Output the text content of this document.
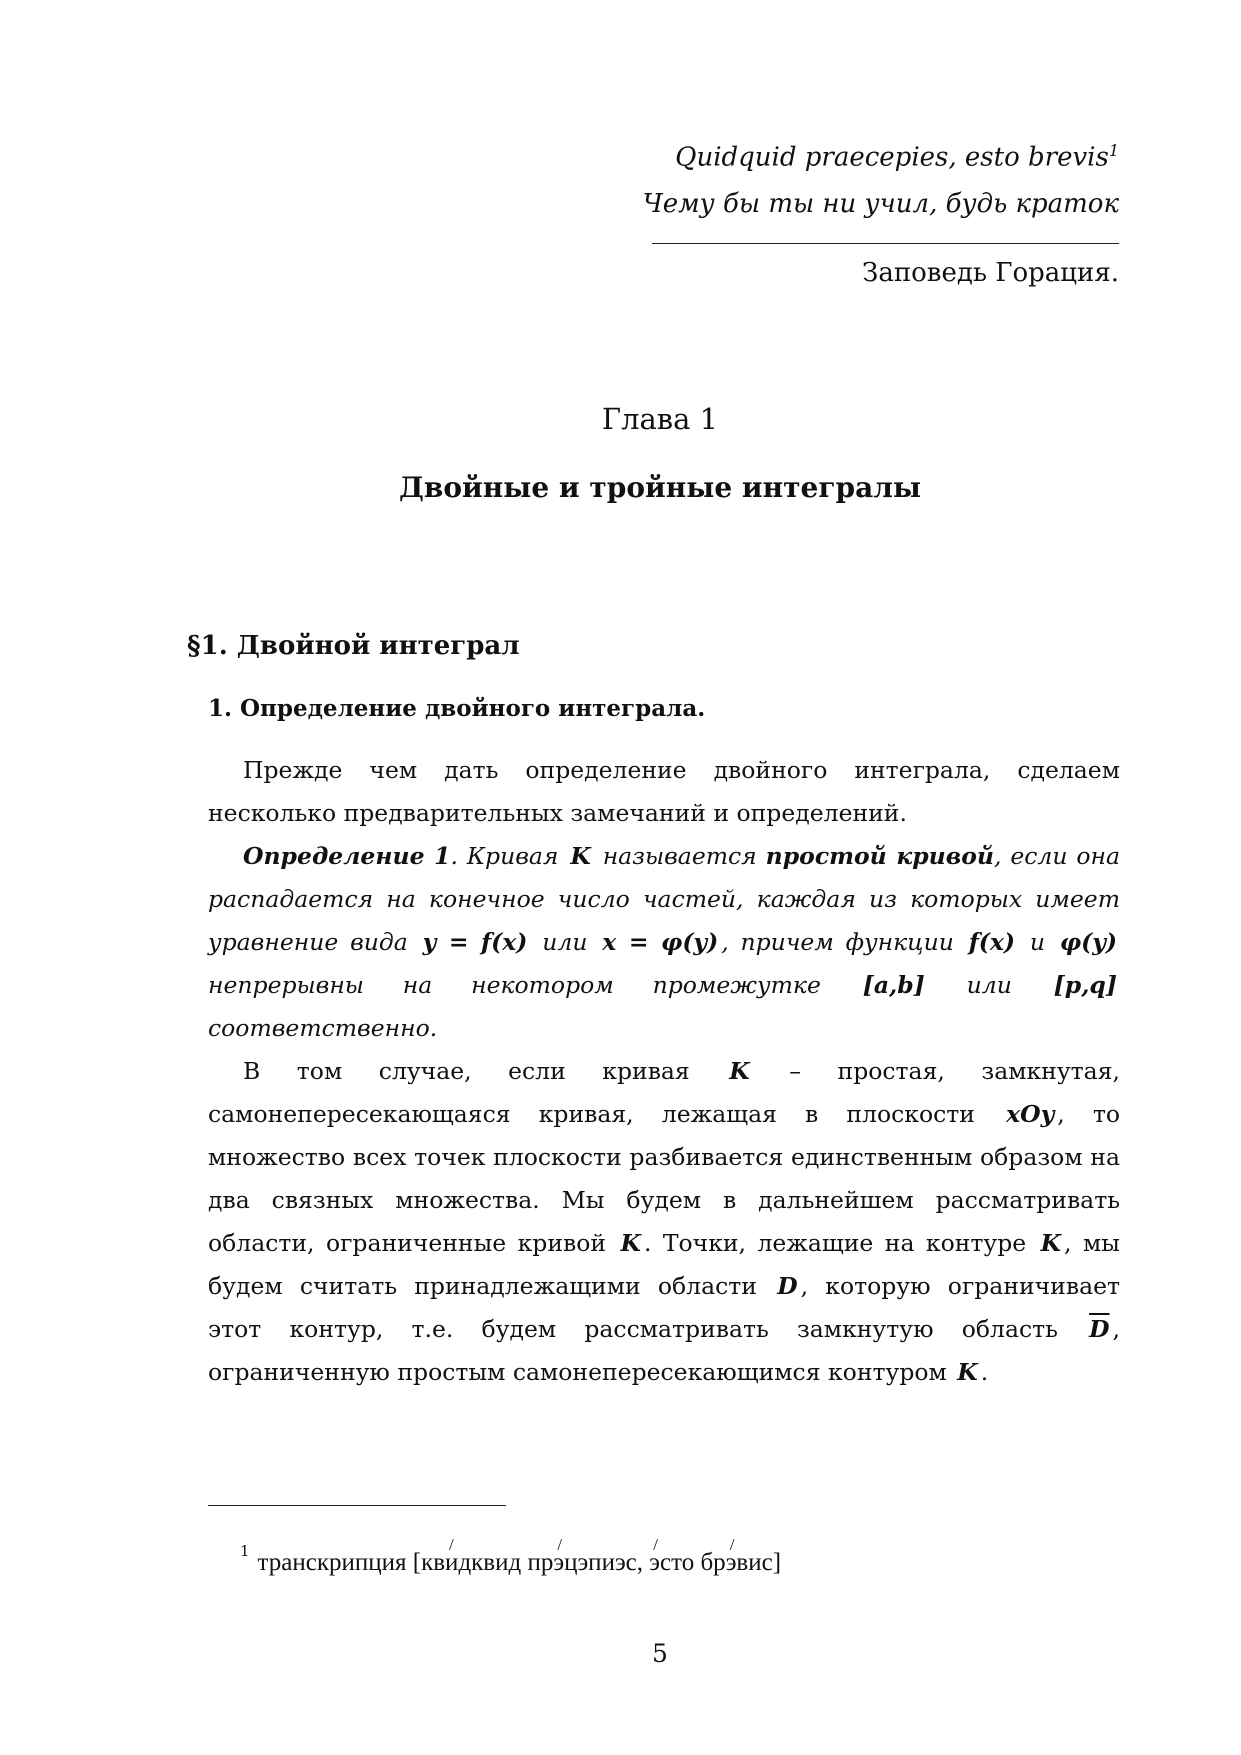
Quidquid praecepies, esto brevis$^1$
Чему бы ты ни учил, будь краток
Заповедь Горация.
Глава 1
Двойные и тройные интегралы
§1. Двойной интеграл
1. Определение двойного интеграла.

Прежде чем дать определение двойного интеграла, сделаем несколько предварительных замечаний и определений.

Определение 1. Кривая K называется простой кривой, если она распадается на конечное число частей, каждая из которых имеет уравнение вида y = f(x) или x = φ(y) , причем функции f(x) и φ(y) непрерывны на некотором промежутке [a,b] или [p,q] соответственно.

В том случае, если кривая K – простая, замкнутая, самонепересекающаяся кривая, лежащая в плоскости xOy , то множество всех точек плоскости разбивается единственным образом на два связных множества. Мы будем в дальнейшем рассматривать области, ограниченные кривой K . Точки, лежащие на контуре K , мы будем считать принадлежащими области D , которую ограничивает этот контур, т.е. будем рассматривать замкнутую область $\overline{D}$ , ограниченную простым самонепересекающимся контуром K .

$^1$ транскрипция [кв/ идквид пр/ эцэпиэс, / эсто бр/ эвис]
5
